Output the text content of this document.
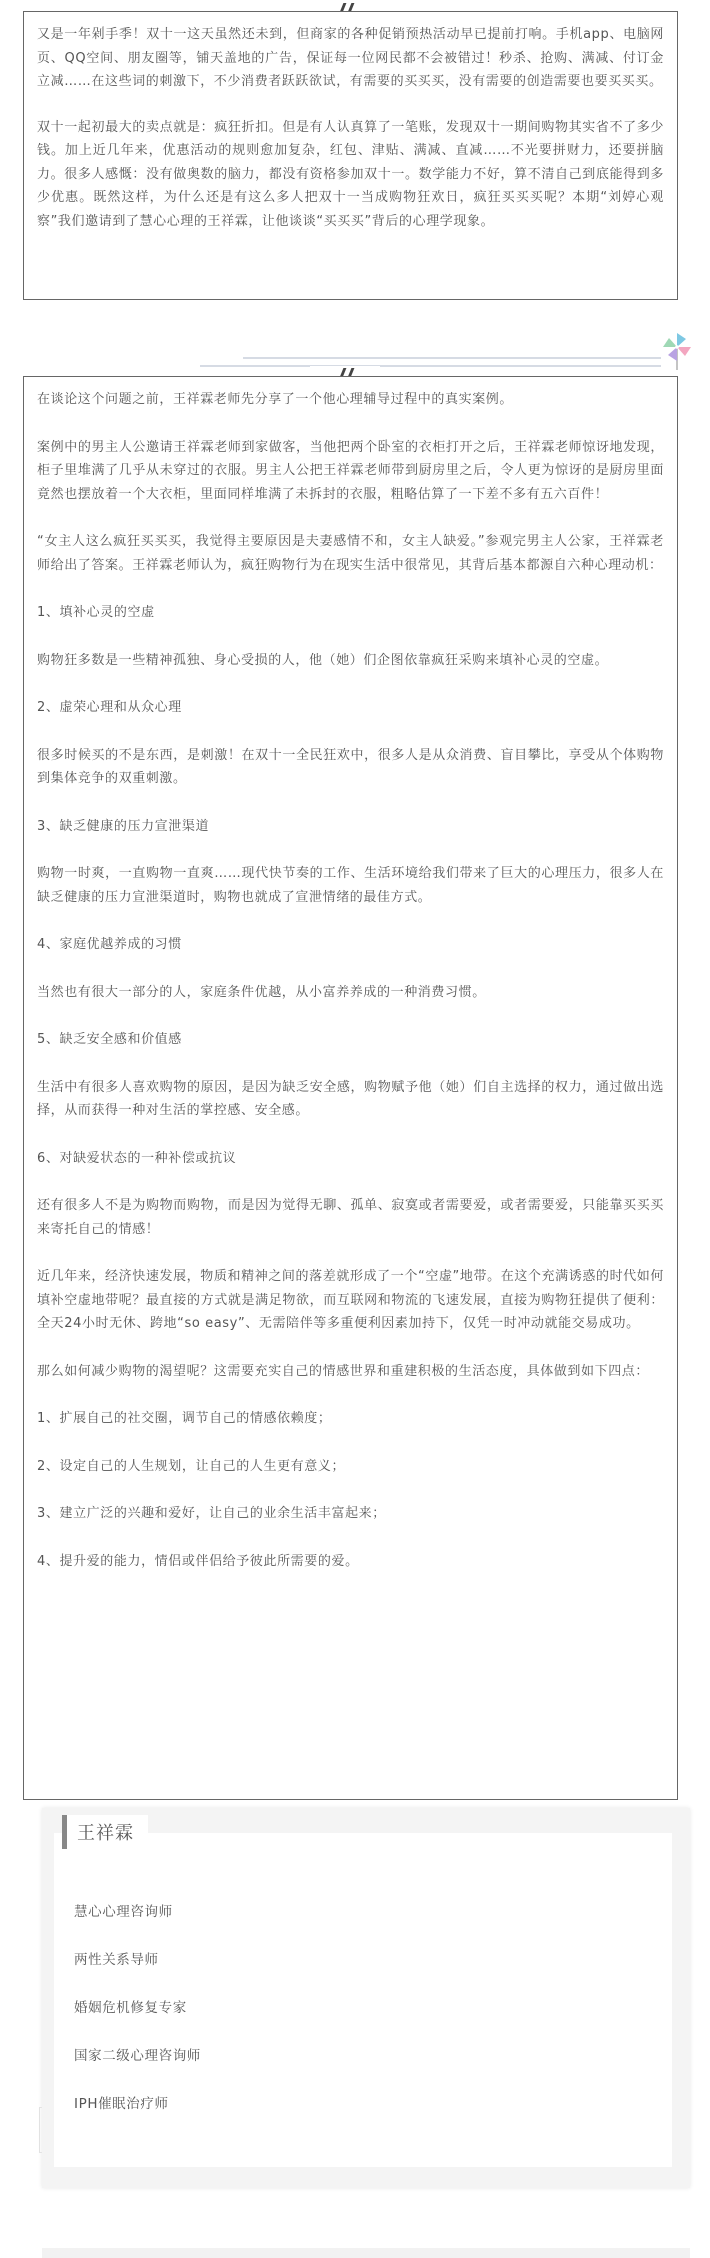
又是一年剁手季！双十一这天虽然还未到，但商家的各种促销预热活动早已提前打响。手机app、电脑网页、QQ空间、朋友圈等，铺天盖地的广告，保证每一位网民都不会被错过！秒杀、抢购、满减、付订金立减……在这些词的刺激下，不少消费者跃跃欲试，有需要的买买买，没有需要的创造需要也要买买买。

双十一起初最大的卖点就是：疯狂折扣。但是有人认真算了一笔账，发现双十一期间购物其实省不了多少钱。加上近几年来，优惠活动的规则愈加复杂，红包、津贴、满减、直减……不光要拼财力，还要拼脑力。很多人感慨：没有做奥数的脑力，都没有资格参加双十一。数学能力不好，算不清自己到底能得到多少优惠。既然这样，为什么还是有这么多人把双十一当成购物狂欢日，疯狂买买买呢？本期“刘婷心观察”我们邀请到了慧心心理的王祥霖，让他谈谈“买买买”背后的心理学现象。

在谈论这个问题之前，王祥霖老师先分享了一个他心理辅导过程中的真实案例。

案例中的男主人公邀请王祥霖老师到家做客，当他把两个卧室的衣柜打开之后，王祥霖老师惊讶地发现，柜子里堆满了几乎从未穿过的衣服。男主人公把王祥霖老师带到厨房里之后，令人更为惊讶的是厨房里面竟然也摆放着一个大衣柜，里面同样堆满了未拆封的衣服，粗略估算了一下差不多有五六百件！

“女主人这么疯狂买买买，我觉得主要原因是夫妻感情不和，女主人缺爱。”参观完男主人公家，王祥霖老师给出了答案。王祥霖老师认为，疯狂购物行为在现实生活中很常见，其背后基本都源自六种心理动机：

1、填补心灵的空虚

购物狂多数是一些精神孤独、身心受损的人，他（她）们企图依靠疯狂采购来填补心灵的空虚。

2、虚荣心理和从众心理

很多时候买的不是东西，是刺激！在双十一全民狂欢中，很多人是从众消费、盲目攀比，享受从个体购物到集体竞争的双重刺激。

3、缺乏健康的压力宣泄渠道

购物一时爽，一直购物一直爽……现代快节奏的工作、生活环境给我们带来了巨大的心理压力，很多人在缺乏健康的压力宣泄渠道时，购物也就成了宣泄情绪的最佳方式。

4、家庭优越养成的习惯

当然也有很大一部分的人，家庭条件优越，从小富养养成的一种消费习惯。

5、缺乏安全感和价值感

生活中有很多人喜欢购物的原因，是因为缺乏安全感，购物赋予他（她）们自主选择的权力，通过做出选择，从而获得一种对生活的掌控感、安全感。

6、对缺爱状态的一种补偿或抗议

还有很多人不是为购物而购物，而是因为觉得无聊、孤单、寂寞或者需要爱，或者需要爱，只能靠买买买来寄托自己的情感！

近几年来，经济快速发展，物质和精神之间的落差就形成了一个“空虚”地带。在这个充满诱惑的时代如何填补空虚地带呢？最直接的方式就是满足物欲，而互联网和物流的飞速发展，直接为购物狂提供了便利：全天24小时无休、跨地“so easy”、无需陪伴等多重便利因素加持下，仅凭一时冲动就能交易成功。

那么如何减少购物的渴望呢？这需要充实自己的情感世界和重建积极的生活态度，具体做到如下四点：

1、扩展自己的社交圈，调节自己的情感依赖度；

2、设定自己的人生规划，让自己的人生更有意义；

3、建立广泛的兴趣和爱好，让自己的业余生活丰富起来；

4、提升爱的能力，情侣或伴侣给予彼此所需要的爱。

慧心心理咨询师
两性关系导师
婚姻危机修复专家
国家二级心理咨询师
IPH催眠治疗师
王祥霖
